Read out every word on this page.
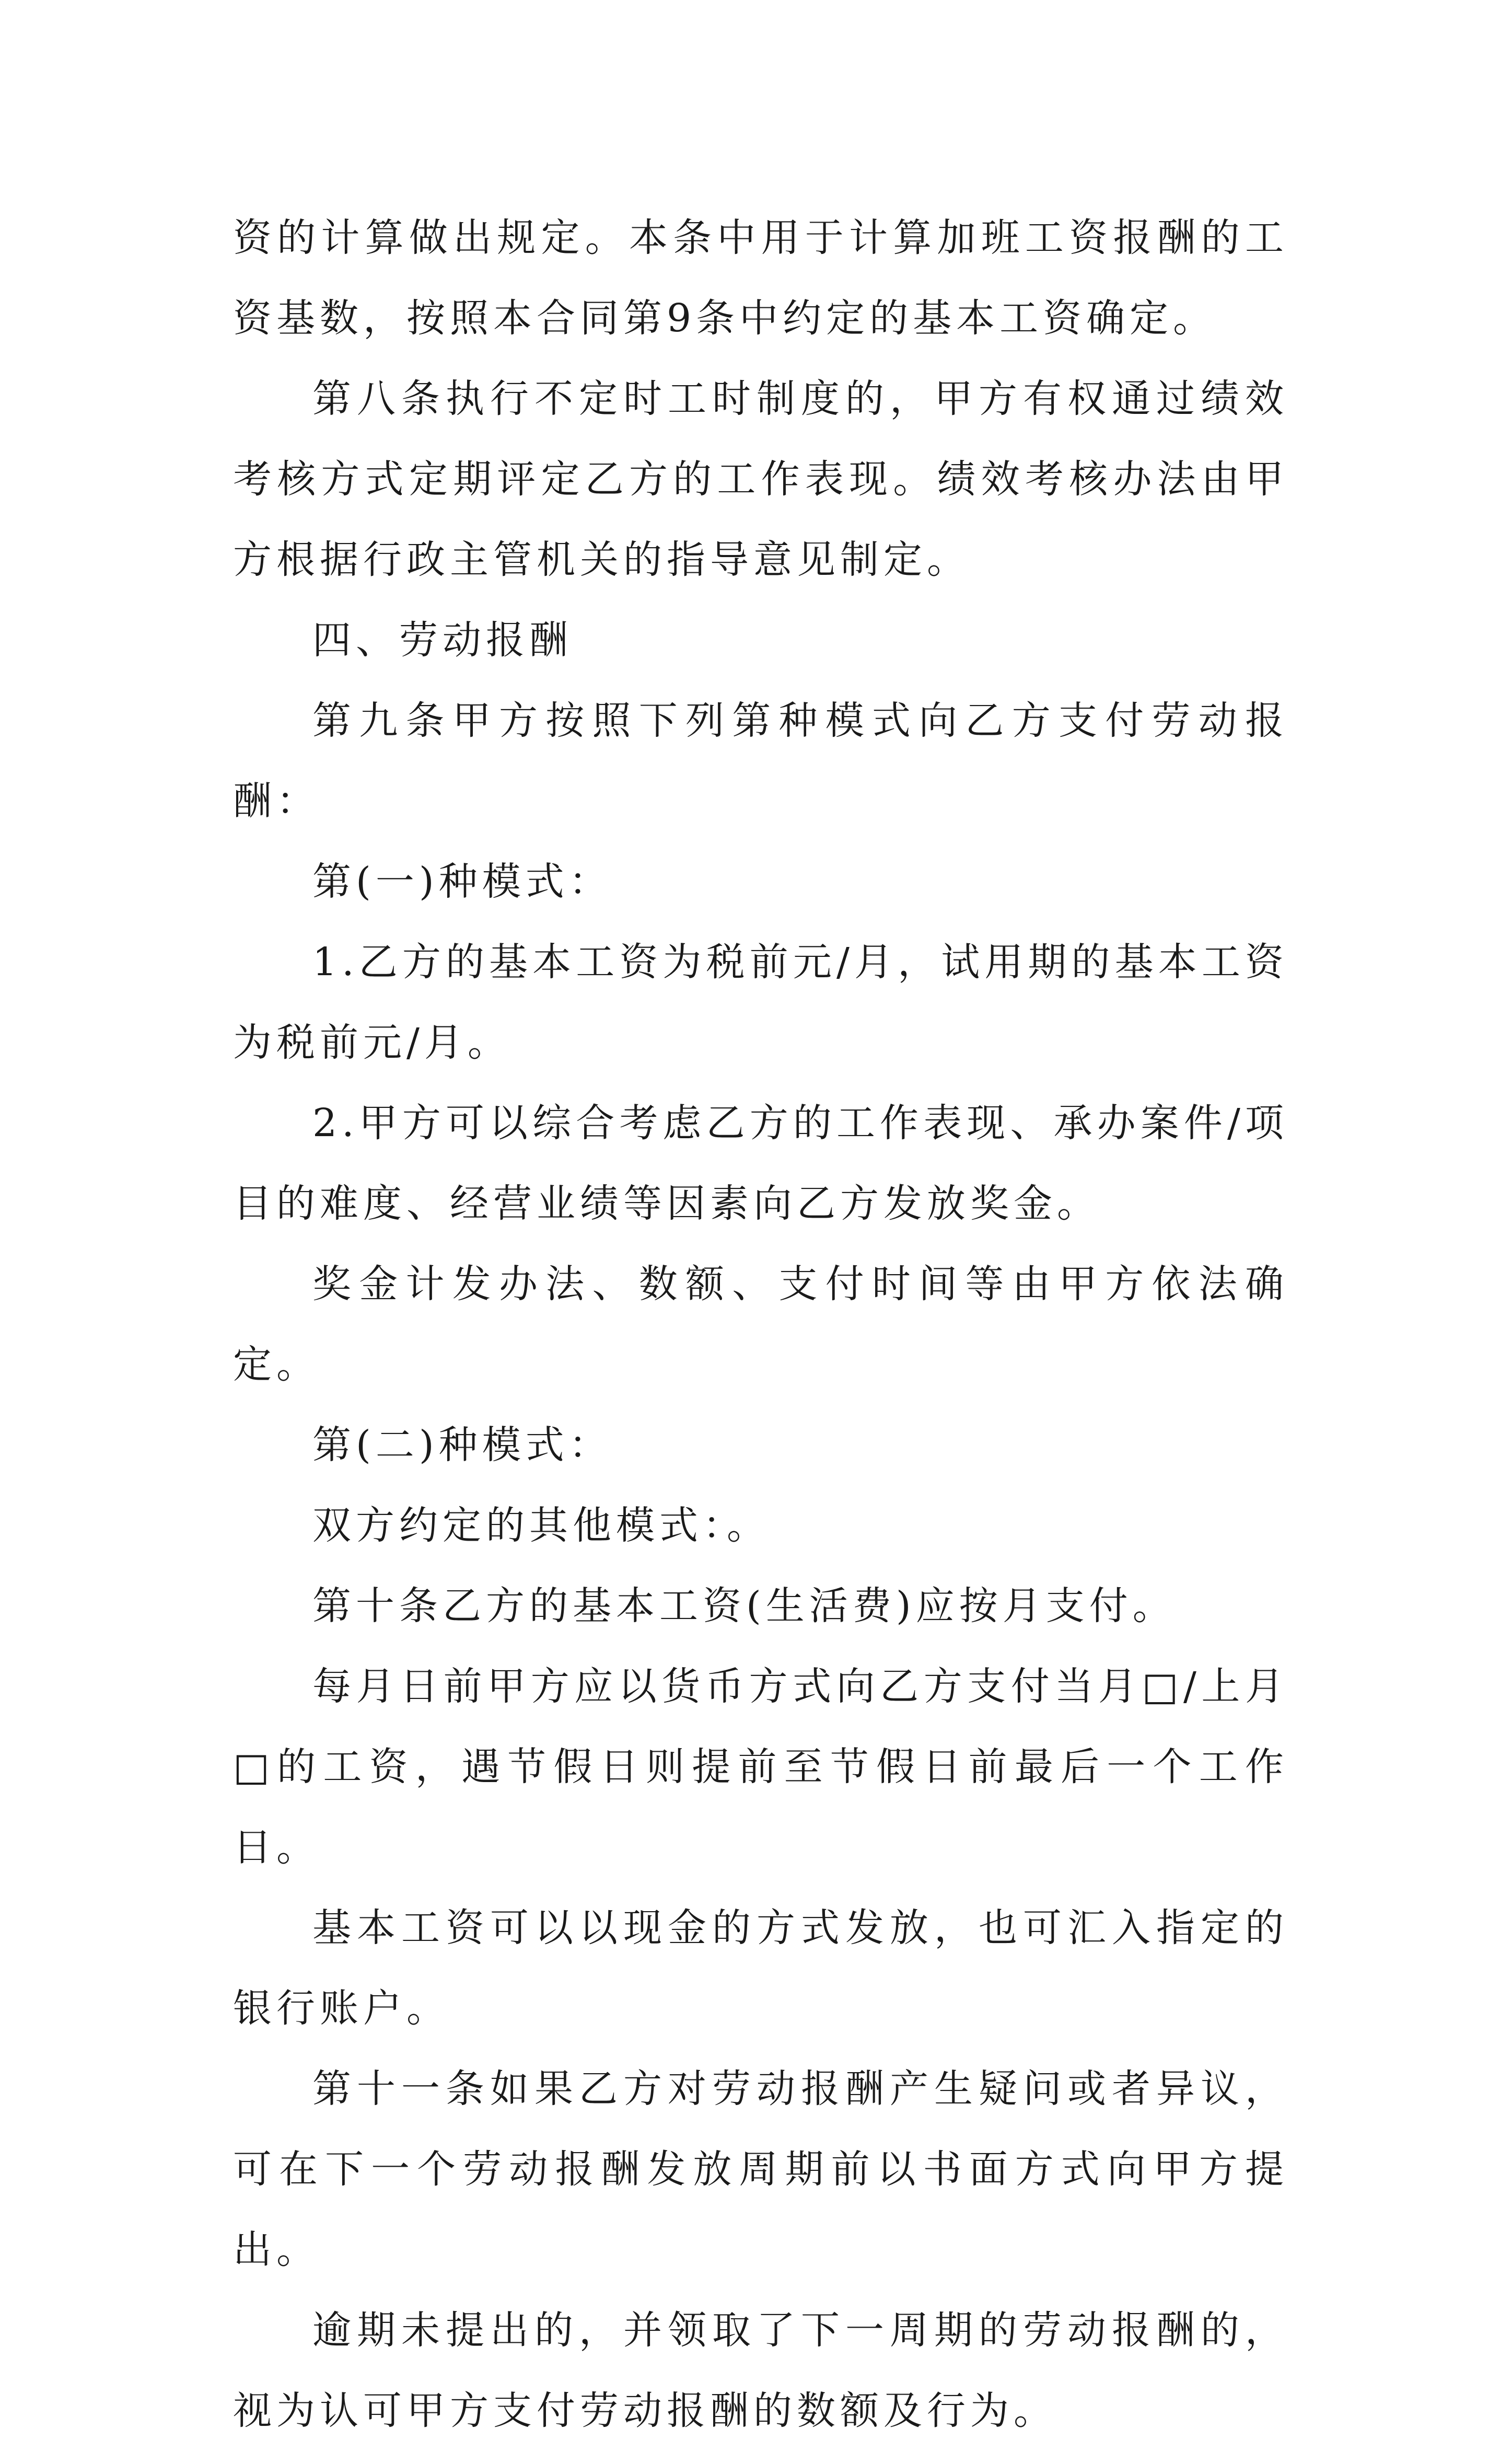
资的计算做出规定。本条中用于计算加班工资报酬的工资基数，按照本合同第9条中约定的基本工资确定。

第八条执行不定时工时制度的，甲方有权通过绩效考核方式定期评定乙方的工作表现。绩效考核办法由甲方根据行政主管机关的指导意见制定。

四、劳动报酬

第九条甲方按照下列第种模式向乙方支付劳动报酬：

第(一)种模式：

1.乙方的基本工资为税前元/月，试用期的基本工资为税前元/月。

2.甲方可以综合考虑乙方的工作表现、承办案件/项目的难度、经营业绩等因素向乙方发放奖金。

奖金计发办法、数额、支付时间等由甲方依法确定。

第(二)种模式：

双方约定的其他模式：。

第十条乙方的基本工资(生活费)应按月支付。

每月日前甲方应以货币方式向乙方支付当月□/上月□的工资，遇节假日则提前至节假日前最后一个工作日。

基本工资可以以现金的方式发放，也可汇入指定的银行账户。

第十一条如果乙方对劳动报酬产生疑问或者异议，可在下一个劳动报酬发放周期前以书面方式向甲方提出。

逾期未提出的，并领取了下一周期的劳动报酬的，视为认可甲方支付劳动报酬的数额及行为。
